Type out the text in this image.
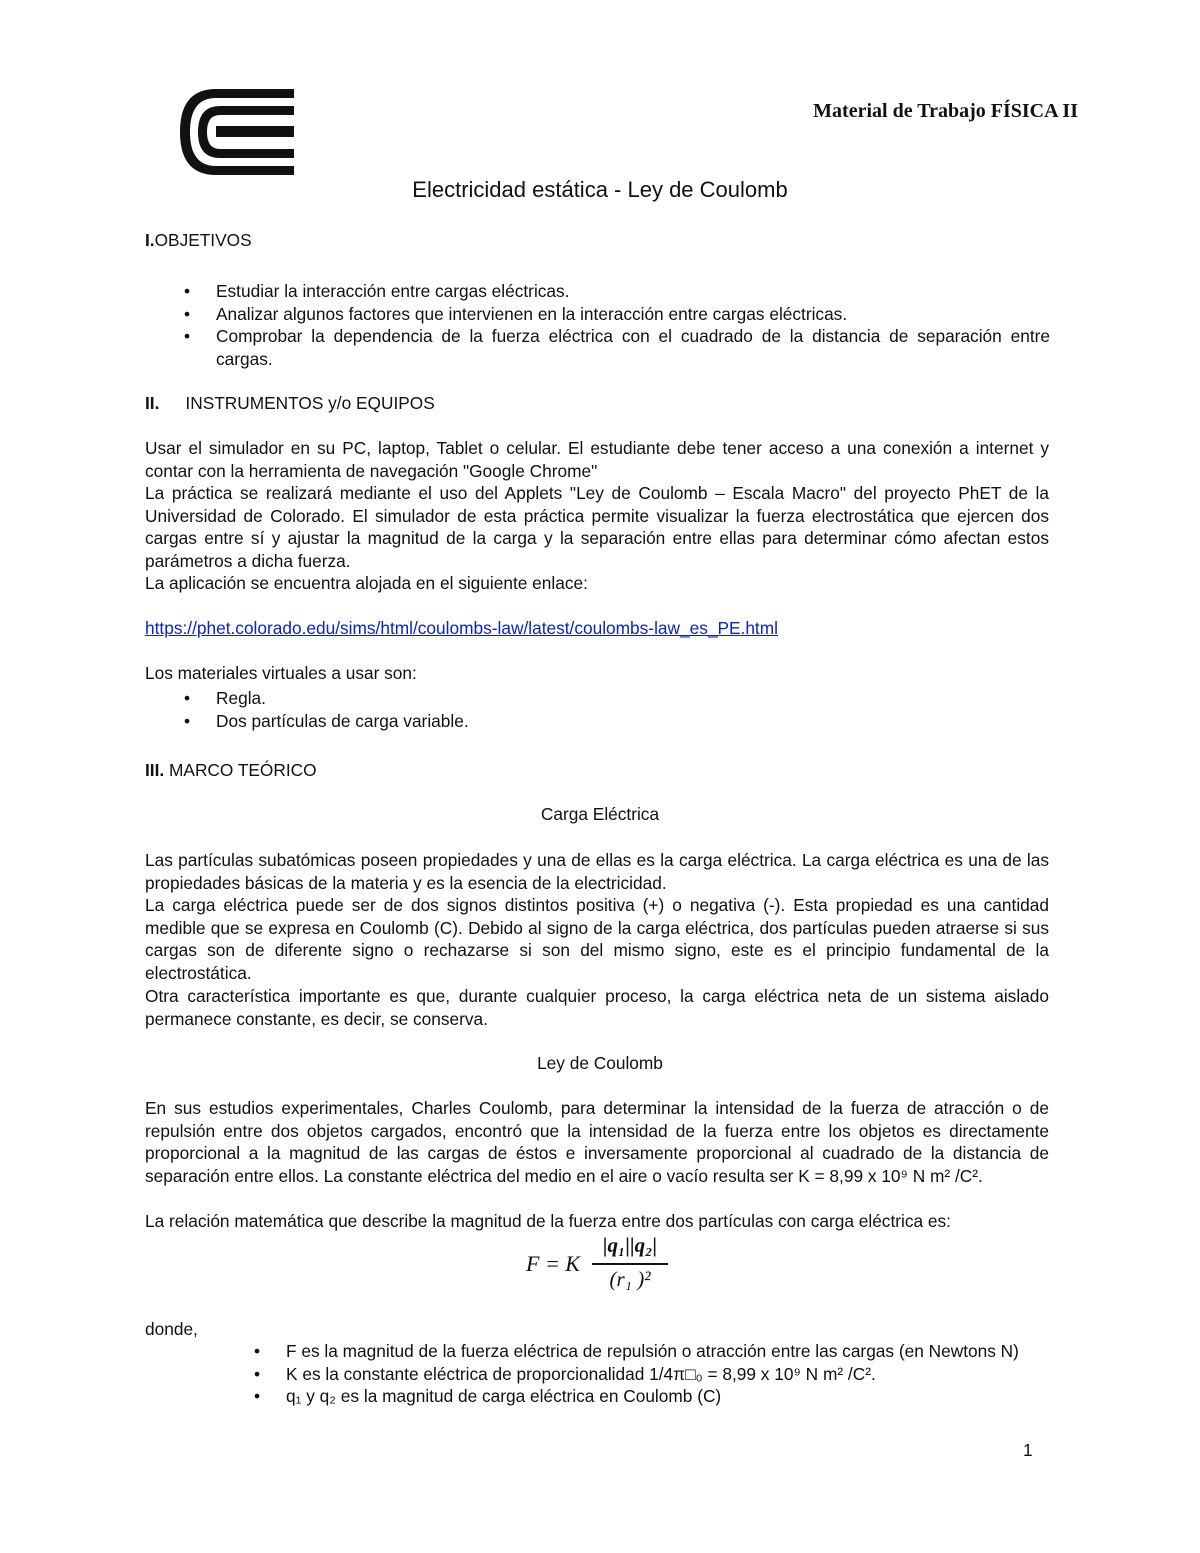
Material de Trabajo FÍSICA II
Electricidad estática - Ley de Coulomb
I.OBJETIVOS
• Estudiar la interacción entre cargas eléctricas.
• Analizar algunos factores que intervienen en la interacción entre cargas eléctricas.
• Comprobar la dependencia de la fuerza eléctrica con el cuadrado de la distancia de separación entre cargas.
II. INSTRUMENTOS y/o EQUIPOS
Usar el simulador en su PC, laptop, Tablet o celular. El estudiante debe tener acceso a una conexión a internet y contar con la herramienta de navegación "Google Chrome"
La práctica se realizará mediante el uso del Applets "Ley de Coulomb – Escala Macro" del proyecto PhET de la Universidad de Colorado. El simulador de esta práctica permite visualizar la fuerza electrostática que ejercen dos cargas entre sí y ajustar la magnitud de la carga y la separación entre ellas para determinar cómo afectan estos parámetros a dicha fuerza.
La aplicación se encuentra alojada en el siguiente enlace:
https://phet.colorado.edu/sims/html/coulombs-law/latest/coulombs-law_es_PE.html
Los materiales virtuales a usar son:
• Regla.
• Dos partículas de carga variable.
III. MARCO TEÓRICO
Carga Eléctrica
Las partículas subatómicas poseen propiedades y una de ellas es la carga eléctrica. La carga eléctrica es una de las propiedades básicas de la materia y es la esencia de la electricidad.
La carga eléctrica puede ser de dos signos distintos positiva (+) o negativa (-). Esta propiedad es una cantidad medible que se expresa en Coulomb (C). Debido al signo de la carga eléctrica, dos partículas pueden atraerse si sus cargas son de diferente signo o rechazarse si son del mismo signo, este es el principio fundamental de la electrostática.
Otra característica importante es que, durante cualquier proceso, la carga eléctrica neta de un sistema aislado permanece constante, es decir, se conserva.
Ley de Coulomb
En sus estudios experimentales, Charles Coulomb, para determinar la intensidad de la fuerza de atracción o de repulsión entre dos objetos cargados, encontró que la intensidad de la fuerza entre los objetos es directamente proporcional a la magnitud de las cargas de éstos e inversamente proporcional al cuadrado de la distancia de separación entre ellos. La constante eléctrica del medio en el aire o vacío resulta ser K = 8,99 x 10⁹ N m² /C².
La relación matemática que describe la magnitud de la fuerza entre dos partículas con carga eléctrica es:
F = K
|q₁||q₂|
(r₁ )²
donde,
• F es la magnitud de la fuerza eléctrica de repulsión o atracción entre las cargas (en Newtons N)
• K es la constante eléctrica de proporcionalidad 1/4π□₀ = 8,99 x 10⁹ N m² /C².
• q₁ y q₂ es la magnitud de carga eléctrica en Coulomb (C)
1
